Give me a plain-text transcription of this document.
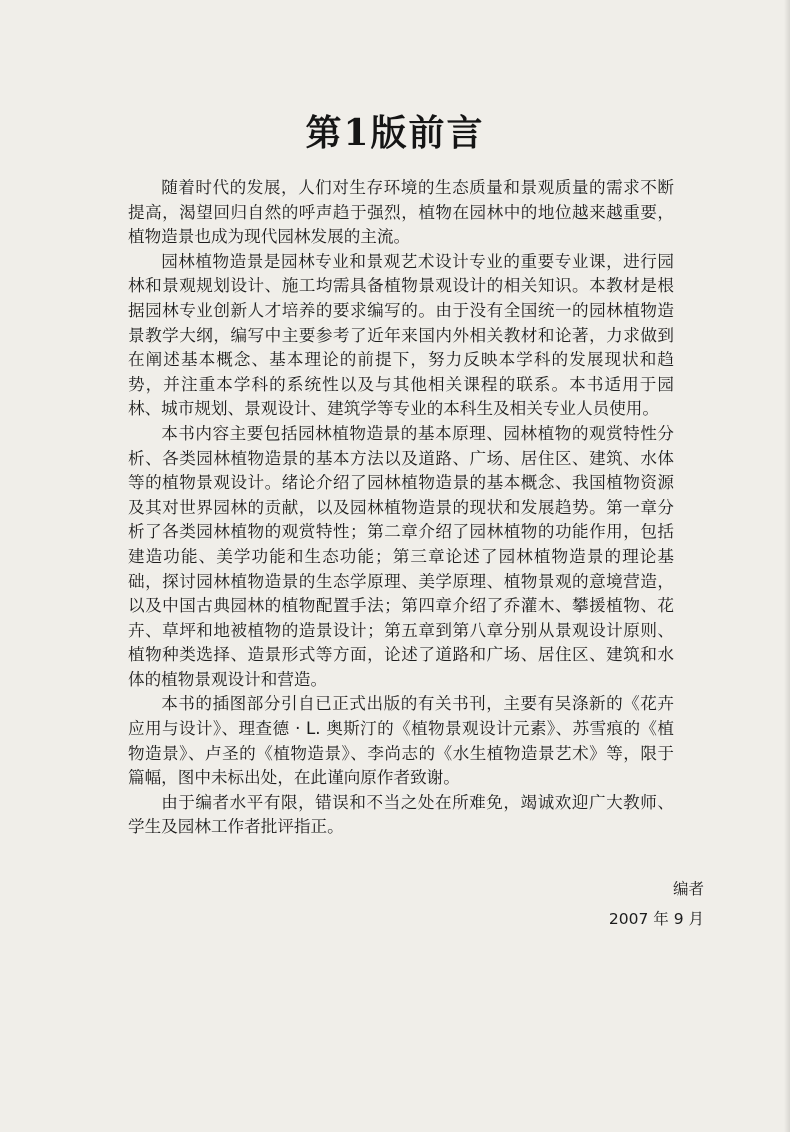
第1版前言

随着时代的发展，人们对生存环境的生态质量和景观质量的需求不断提高，渴望回归自然的呼声趋于强烈，植物在园林中的地位越来越重要，植物造景也成为现代园林发展的主流。

园林植物造景是园林专业和景观艺术设计专业的重要专业课，进行园林和景观规划设计、施工均需具备植物景观设计的相关知识。本教材是根据园林专业创新人才培养的要求编写的。由于没有全国统一的园林植物造景教学大纲，编写中主要参考了近年来国内外相关教材和论著，力求做到在阐述基本概念、基本理论的前提下，努力反映本学科的发展现状和趋势，并注重本学科的系统性以及与其他相关课程的联系。本书适用于园林、城市规划、景观设计、建筑学等专业的本科生及相关专业人员使用。

本书内容主要包括园林植物造景的基本原理、园林植物的观赏特性分析、各类园林植物造景的基本方法以及道路、广场、居住区、建筑、水体等的植物景观设计。绪论介绍了园林植物造景的基本概念、我国植物资源及其对世界园林的贡献，以及园林植物造景的现状和发展趋势。第一章分析了各类园林植物的观赏特性；第二章介绍了园林植物的功能作用，包括建造功能、美学功能和生态功能；第三章论述了园林植物造景的理论基础，探讨园林植物造景的生态学原理、美学原理、植物景观的意境营造，以及中国古典园林的植物配置手法；第四章介绍了乔灌木、攀援植物、花卉、草坪和地被植物的造景设计；第五章到第八章分别从景观设计原则、植物种类选择、造景形式等方面，论述了道路和广场、居住区、建筑和水体的植物景观设计和营造。

本书的插图部分引自已正式出版的有关书刊，主要有吴涤新的《花卉应用与设计》、理查德 · L. 奥斯汀的《植物景观设计元素》、苏雪痕的《植物造景》、卢圣的《植物造景》、李尚志的《水生植物造景艺术》等，限于篇幅，图中未标出处，在此谨向原作者致谢。

由于编者水平有限，错误和不当之处在所难免，竭诚欢迎广大教师、学生及园林工作者批评指正。

编者
2007 年 9 月
